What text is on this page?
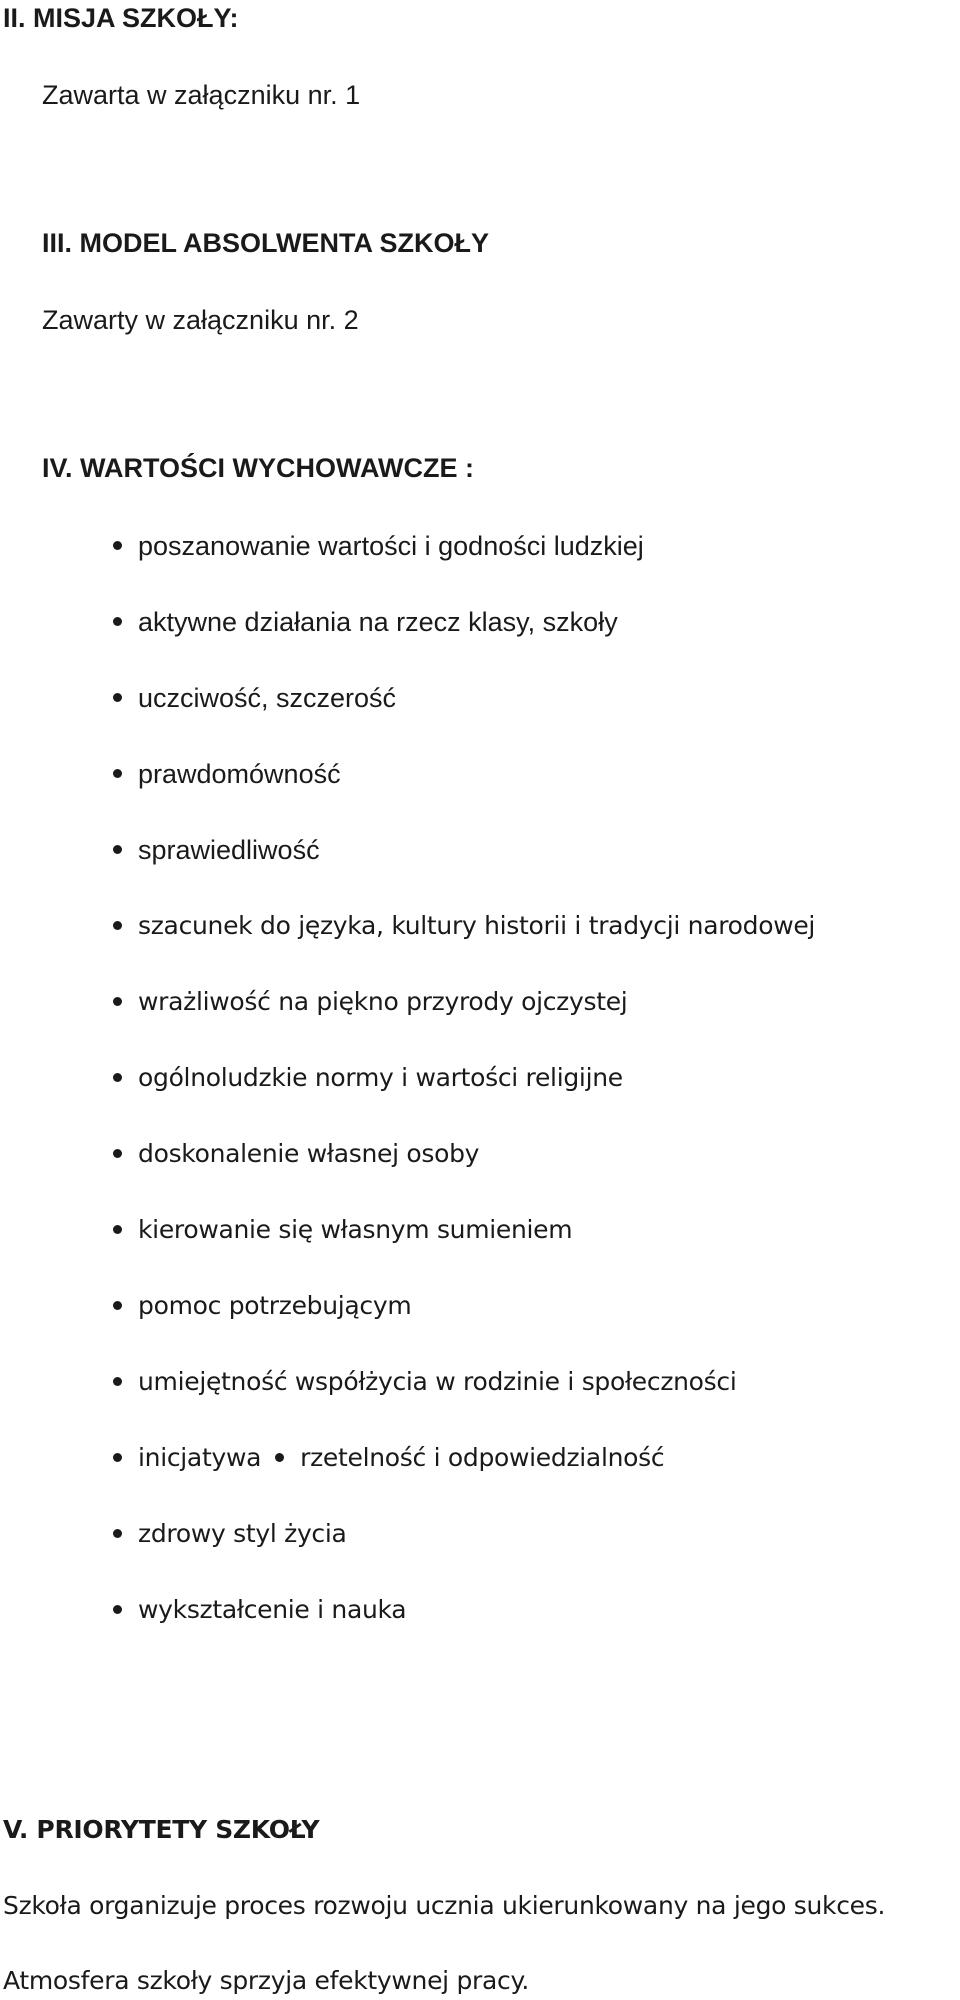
II. MISJA SZKOŁY:
Zawarta w załączniku nr. 1
III. MODEL ABSOLWENTA SZKOŁY
Zawarty w załączniku nr. 2
IV. WARTOŚCI WYCHOWAWCZE :
poszanowanie wartości i godności ludzkiej
aktywne działania na rzecz klasy, szkoły
uczciwość, szczerość
prawdomówność
sprawiedliwość
szacunek do języka, kultury historii i tradycji narodowej
wrażliwość na piękno przyrody ojczystej
ogólnoludzkie normy i wartości religijne
doskonalenie własnej osoby
kierowanie się własnym sumieniem
pomoc potrzebującym
umiejętność współżycia w rodzinie i społeczności
inicjatywa rzetelność i odpowiedzialność
zdrowy styl życia
wykształcenie i nauka
V. PRIORYTETY SZKOŁY
Szkoła organizuje proces rozwoju ucznia ukierunkowany na jego sukces.
Atmosfera szkoły sprzyja efektywnej pracy.
